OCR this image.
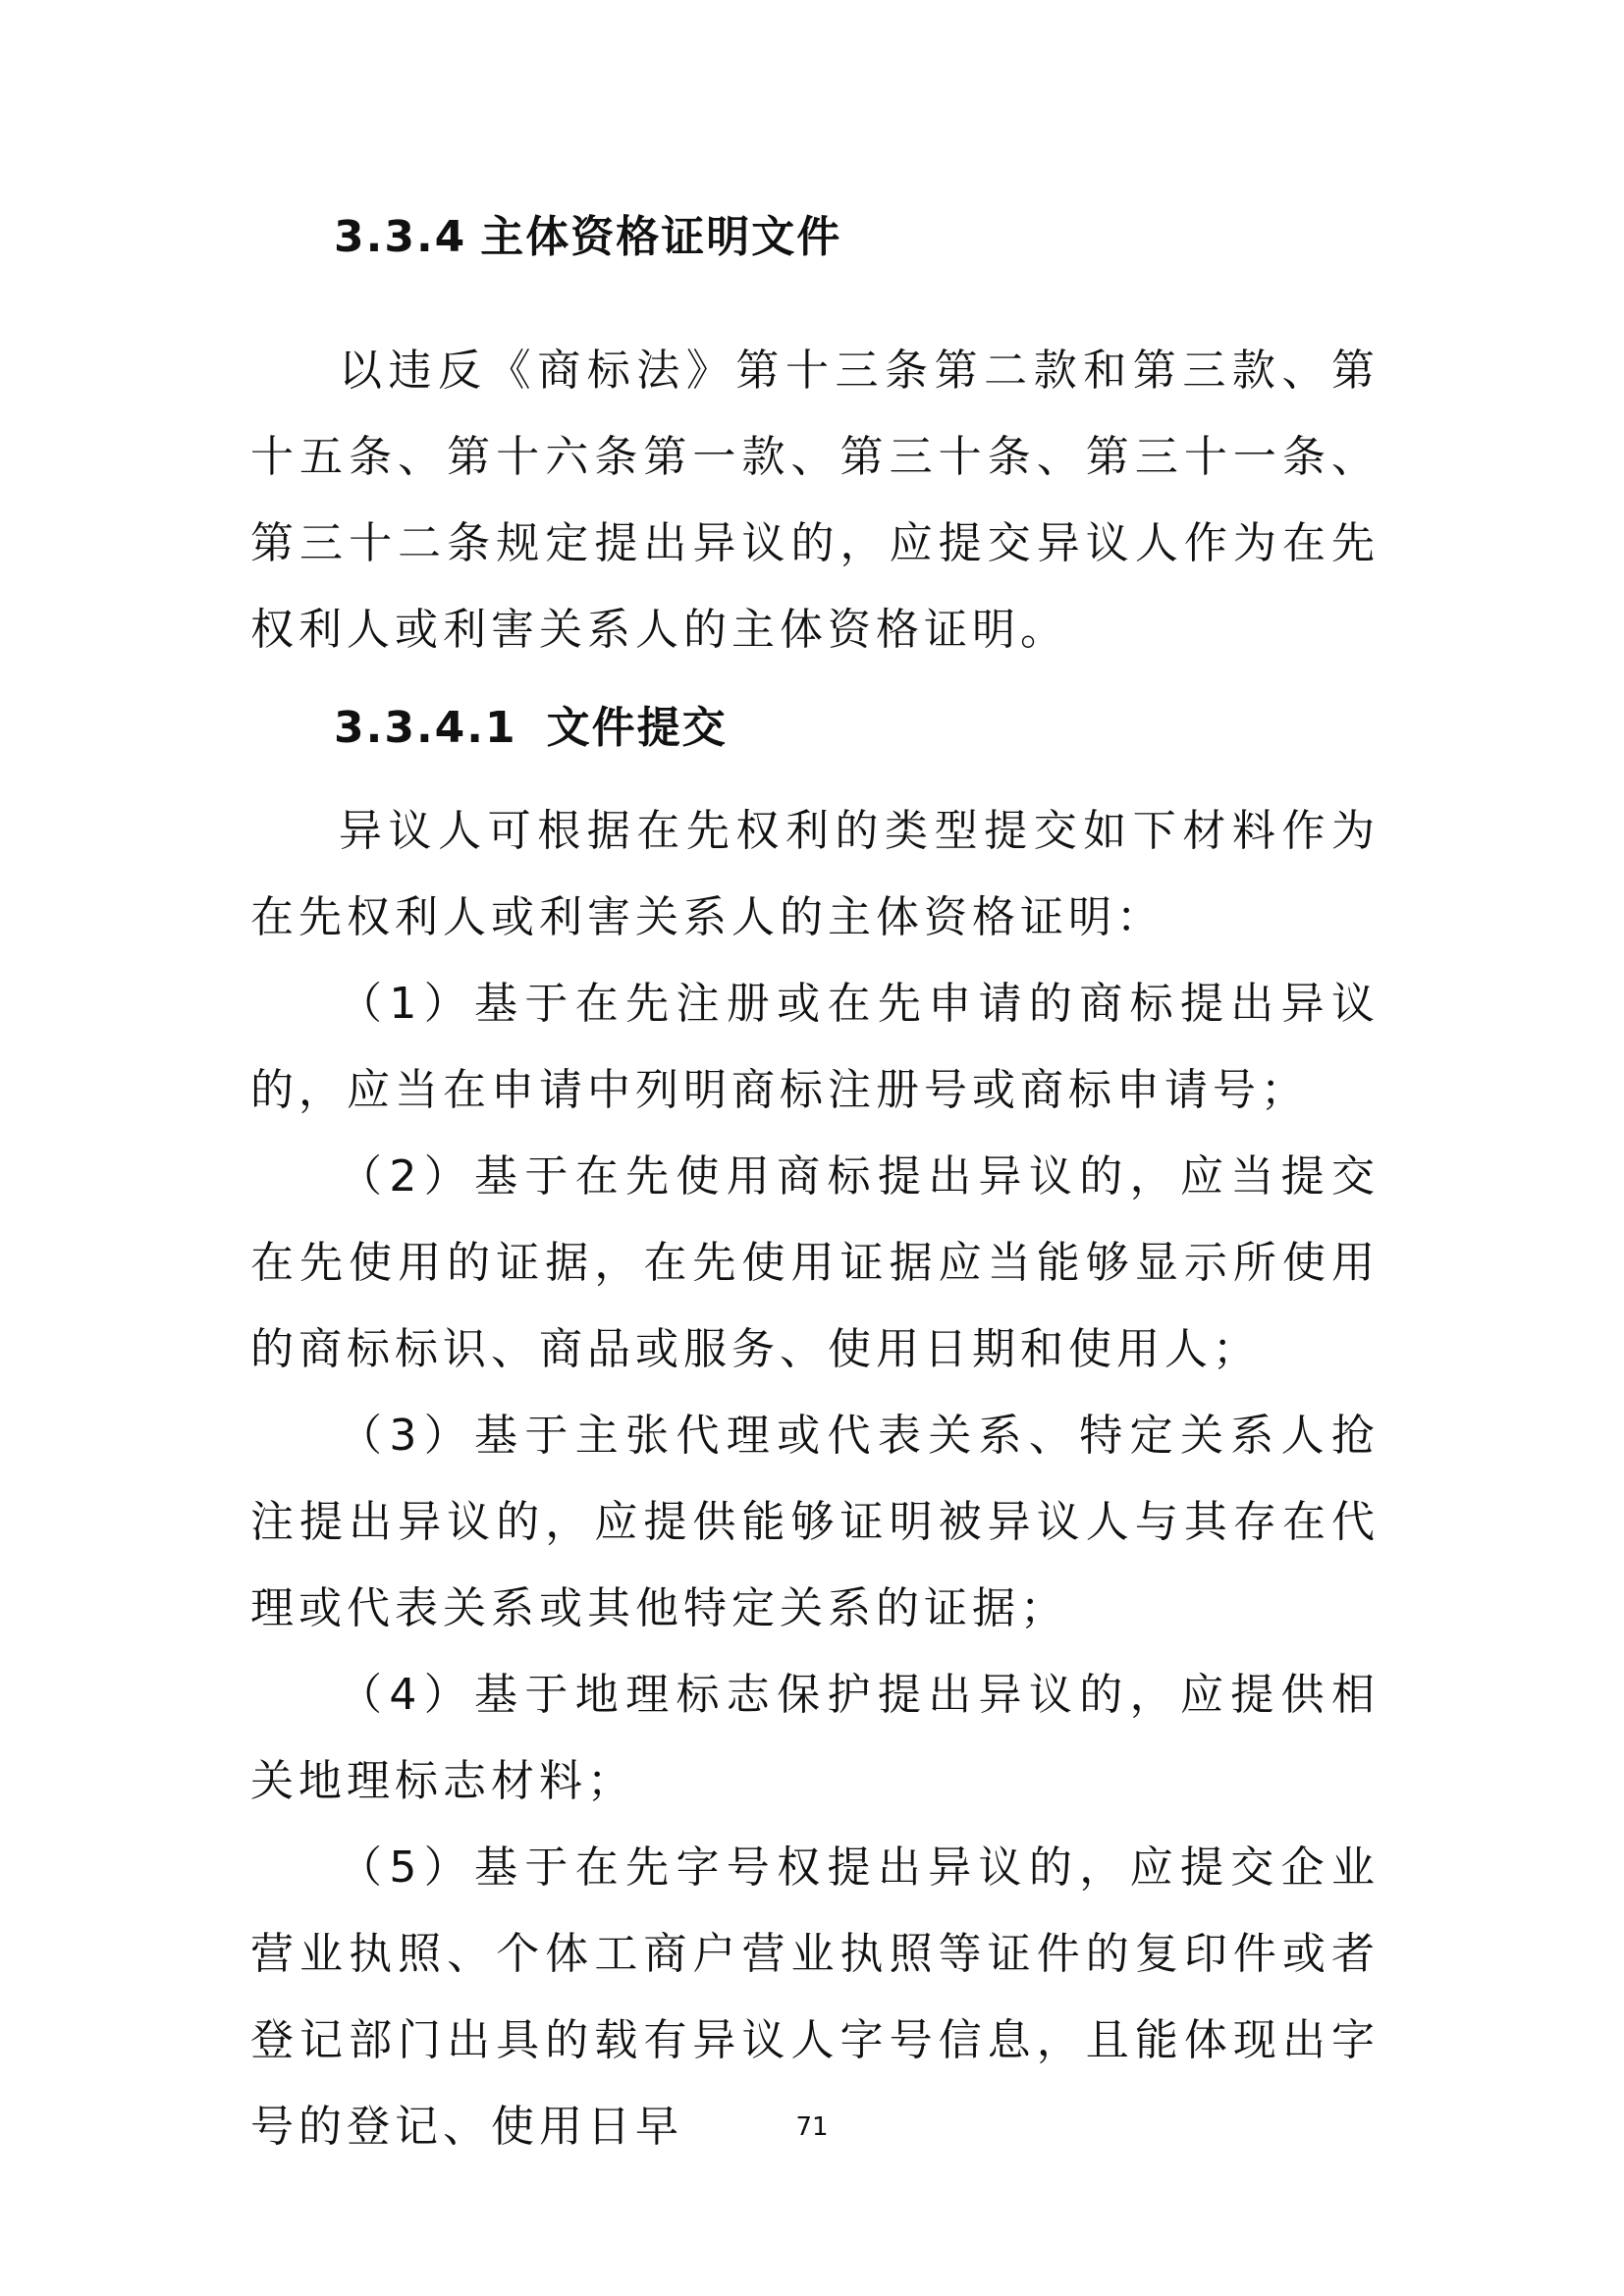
3.3.4 主体资格证明文件

以违反《商标法》第十三条第二款和第三款、第十五条、第十六条第一款、第三十条、第三十一条、第三十二条规定提出异议的，应提交异议人作为在先权利人或利害关系人的主体资格证明。

3.3.4.1 文件提交

异议人可根据在先权利的类型提交如下材料作为在先权利人或利害关系人的主体资格证明：

（1）基于在先注册或在先申请的商标提出异议的，应当在申请中列明商标注册号或商标申请号；

（2）基于在先使用商标提出异议的，应当提交在先使用的证据，在先使用证据应当能够显示所使用的商标标识、商品或服务、使用日期和使用人；

（3）基于主张代理或代表关系、特定关系人抢注提出异议的，应提供能够证明被异议人与其存在代理或代表关系或其他特定关系的证据；

（4）基于地理标志保护提出异议的，应提供相关地理标志材料；

（5）基于在先字号权提出异议的，应提交企业营业执照、个体工商户营业执照等证件的复印件或者登记部门出具的载有异议人字号信息，且能体现出字号的登记、使用日早	71
